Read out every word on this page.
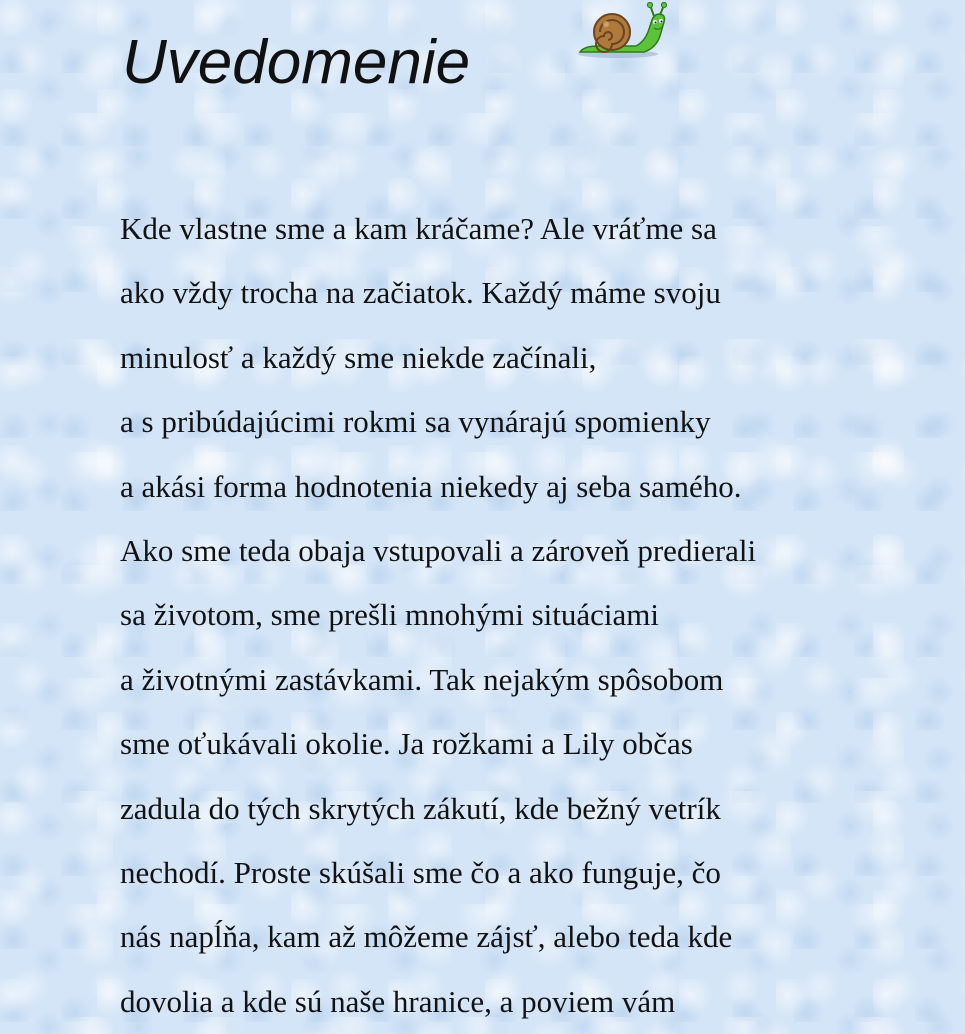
Uvedomenie
Kde vlastne sme a kam kráčame? Ale vráťme sa
ako vždy trocha na začiatok. Každý máme svoju
minulosť a každý sme niekde začínali,
a s pribúdajúcimi rokmi sa vynárajú spomienky
a akási forma hodnotenia niekedy aj seba samého.
Ako sme teda obaja vstupovali a zároveň predierali
sa životom, sme prešli mnohými situáciami
a životnými zastávkami. Tak nejakým spôsobom
sme oťukávali okolie. Ja rožkami a Lily občas
zadula do tých skrytých zákutí, kde bežný vetrík
nechodí. Proste skúšali sme čo a ako funguje, čo
nás napĺňa, kam až môžeme zájsť, alebo teda kde
dovolia a kde sú naše hranice, a poviem vám
